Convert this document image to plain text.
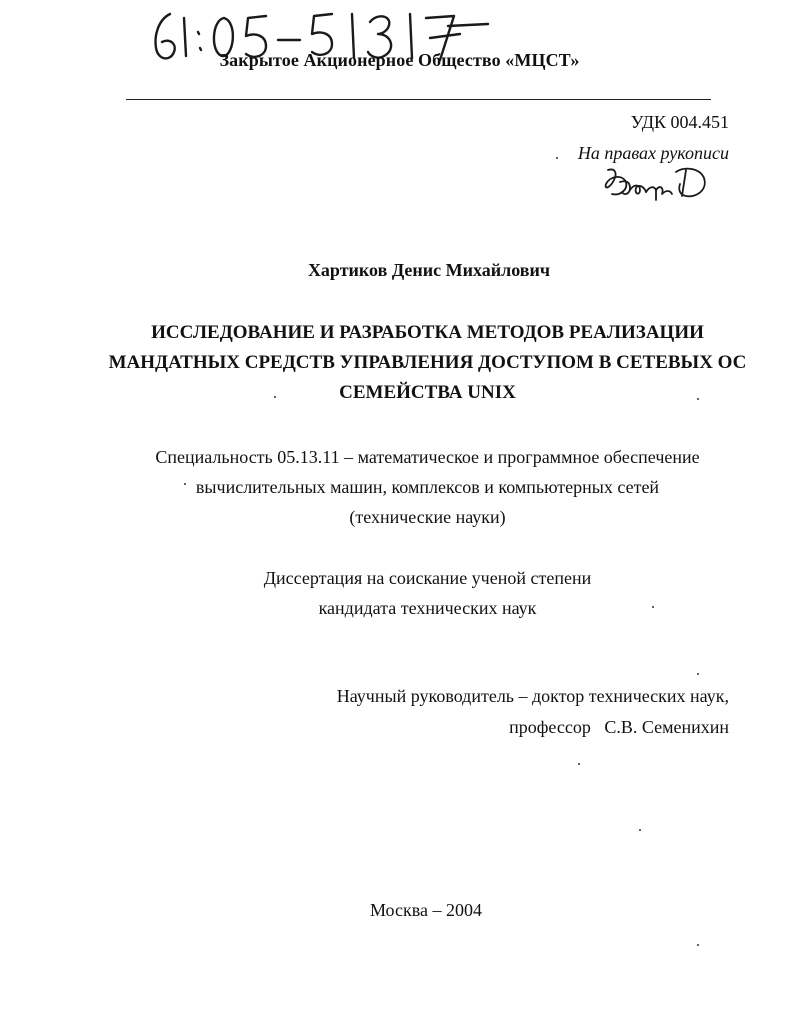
Закрытое Акционерное Общество «МЦСТ»
УДК 004.451
На правах рукописи
Хартиков Денис Михайлович
ИССЛЕДОВАНИЕ И РАЗРАБОТКА МЕТОДОВ РЕАЛИЗАЦИИ
МАНДАТНЫХ СРЕДСТВ УПРАВЛЕНИЯ ДОСТУПОМ В СЕТЕВЫХ ОС
СЕМЕЙСТВА UNIX
Специальность 05.13.11 – математическое и программное обеспечение
вычислительных машин, комплексов и компьютерных сетей
(технические науки)
Диссертация на соискание ученой степени
кандидата технических наук
Научный руководитель – доктор технических наук,
профессор   С.В. Семенихин
Москва – 2004
